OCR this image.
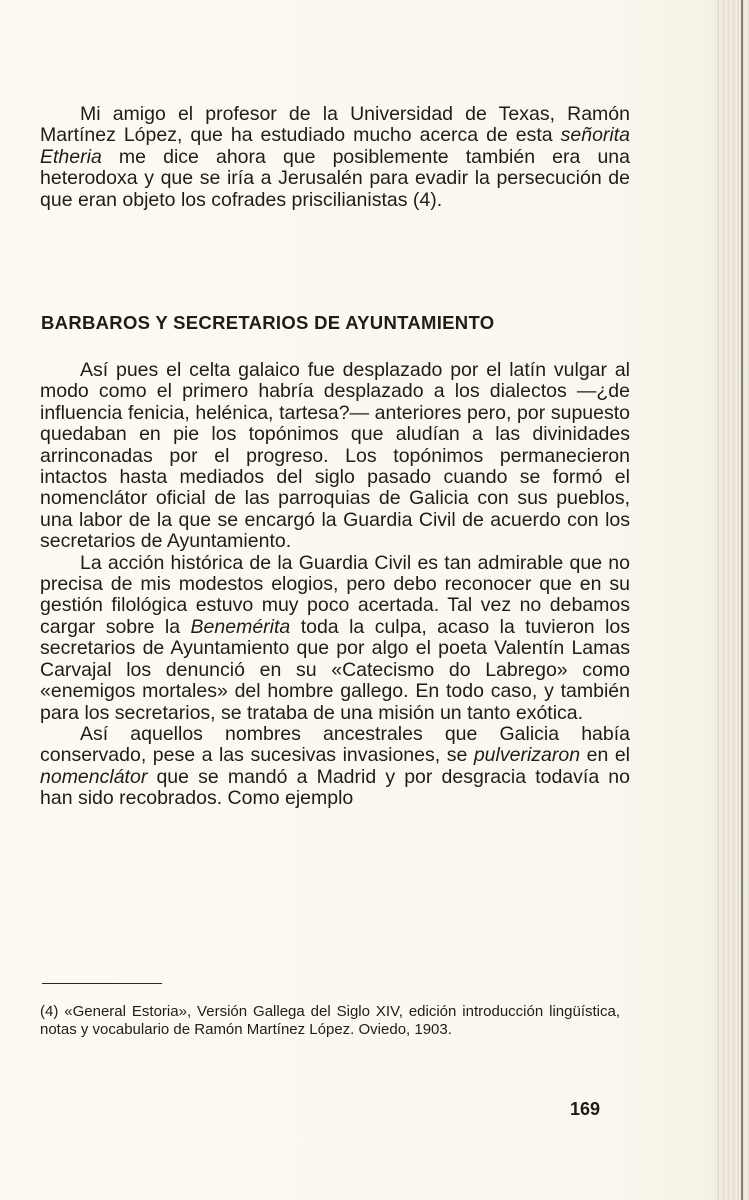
Mi amigo el profesor de la Universidad de Texas, Ramón Martínez López, que ha estudiado mucho acerca de esta señorita Etheria me dice ahora que posiblemente también era una heterodoxa y que se iría a Jerusalén para evadir la persecución de que eran objeto los cofrades priscilianistas (4).

BARBAROS Y SECRETARIOS DE AYUNTAMIENTO

Así pues el celta galaico fue desplazado por el latín vulgar al modo como el primero habría desplazado a los dialectos —¿de influencia fenicia, helénica, tartesa?— anteriores pero, por supuesto quedaban en pie los topónimos que aludían a las divinidades arrinconadas por el progreso. Los topónimos permanecieron intactos hasta mediados del siglo pasado cuando se formó el nomenclátor oficial de las parroquias de Galicia con sus pueblos, una labor de la que se encargó la Guardia Civil de acuerdo con los secretarios de Ayuntamiento.

La acción histórica de la Guardia Civil es tan admirable que no precisa de mis modestos elogios, pero debo reconocer que en su gestión filológica estuvo muy poco acertada. Tal vez no debamos cargar sobre la Benemérita toda la culpa, acaso la tuvieron los secretarios de Ayuntamiento que por algo el poeta Valentín Lamas Carvajal los denunció en su «Catecismo do Labrego» como «enemigos mortales» del hombre gallego. En todo caso, y también para los secretarios, se trataba de una misión un tanto exótica.

Así aquellos nombres ancestrales que Galicia había conservado, pese a las sucesivas invasiones, se pulverizaron en el nomenclátor que se mandó a Madrid y por desgracia todavía no han sido recobrados. Como ejemplo

(4) «General Estoria», Versión Gallega del Siglo XIV, edición introducción lingüística, notas y vocabulario de Ramón Martínez López. Oviedo, 1903.
169
